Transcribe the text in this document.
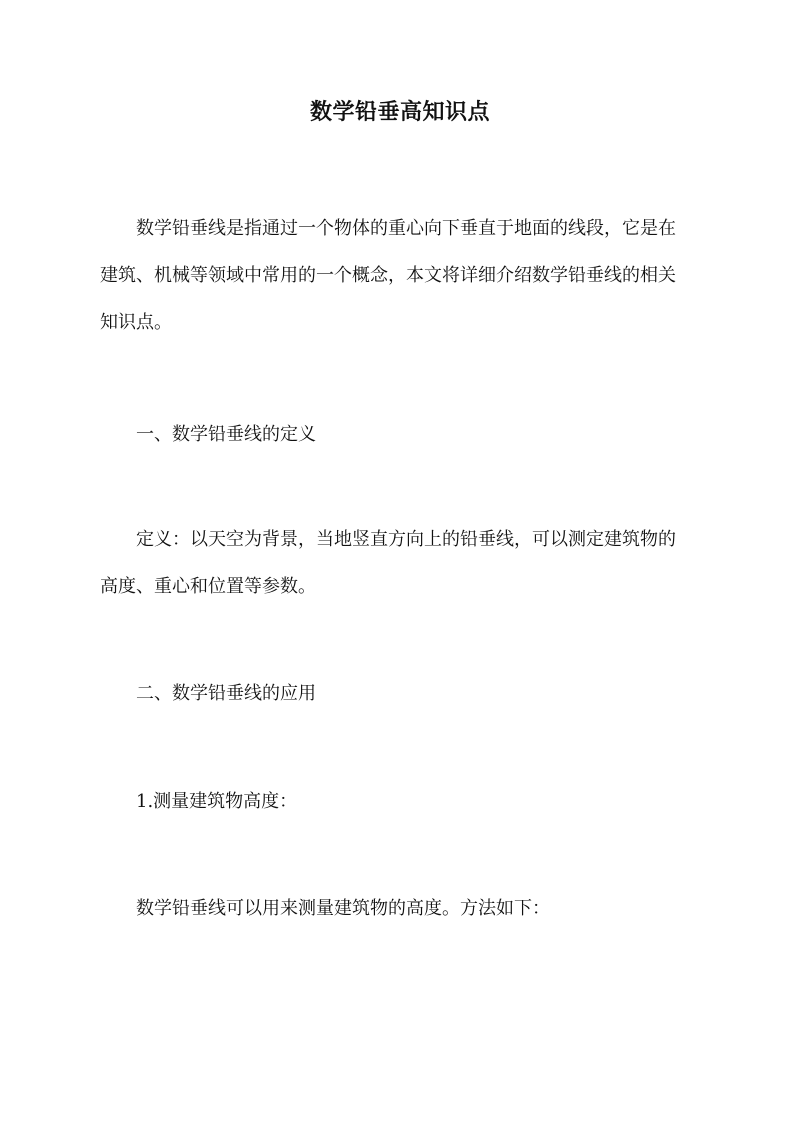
数学铅垂高知识点
数学铅垂线是指通过一个物体的重心向下垂直于地面的线段，它是在
建筑、机械等领域中常用的一个概念，本文将详细介绍数学铅垂线的相关
知识点。

一、数学铅垂线的定义

定义：以天空为背景，当地竖直方向上的铅垂线，可以测定建筑物的
高度、重心和位置等参数。

二、数学铅垂线的应用

1.测量建筑物高度：

数学铅垂线可以用来测量建筑物的高度。方法如下：
